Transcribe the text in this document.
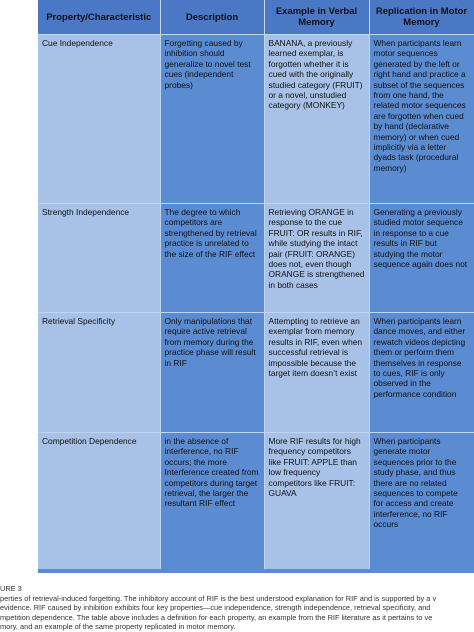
Property/Characteristic	Description	Example in Verbal Memory	Replication in Motor Memory
Cue Independence	Forgetting caused by inhibition should generalize to novel test cues (independent probes)	BANANA, a previously learned exemplar, is forgotten whether it is cued with the originally studied category (FRUIT) or a novel, unstudied category (MONKEY)	When participants learn motor sequences generated by the left or right hand and practice a subset of the sequences from one hand, the related motor sequences are forgotten when cued by hand (declarative memory) or when cued implicitly via a letter dyads task (procedural memory)
Strength Independence	The degree to which competitors are strengthened by retrieval practice is unrelated to the size of the RIF effect	Retrieving ORANGE in response to the cue FRUIT: OR results in RIF, while studying the intact pair (FRUIT: ORANGE) does not, even though ORANGE is strengthened in both cases	Generating a previously studied motor sequence in response to a cue results in RIF but studying the motor sequence again does not
Retrieval Specificity	Only manipulations that require active retrieval from memory during the practice phase will result in RIF	Attempting to retrieve an exemplar from memory results in RIF, even when successful retrieval is impossible because the target item doesn’t exist	When participants learn dance moves, and either rewatch videos depicting them or perform them themselves in response to cues, RIF is only observed in the performance condition
Competition Dependence	in the absence of interference, no RIF occurs; the more Interference created from competitors during target retrieval, the larger the resultant RIF effect	More RIF results for high frequency competitors like FRUIT: APPLE than low frequency competitors like FRUIT: GUAVA	When participants generate motor sequences prior to the study phase, and thus there are no related sequences to compete for access and create interference, no RIF occurs
URE 3
perties of retrieval-induced forgetting. The inhibitory account of RIF is the best understood explanation for RIF and is supported by a v
evidence. RIF caused by inhibition exhibits four key properties—cue independence, strength independence, retrieval specificity, and
mpetition dependence. The table above includes a definition for each property, an example from the RIF literature as it pertains to ve
mory, and an example of the same property replicated in motor memory.
